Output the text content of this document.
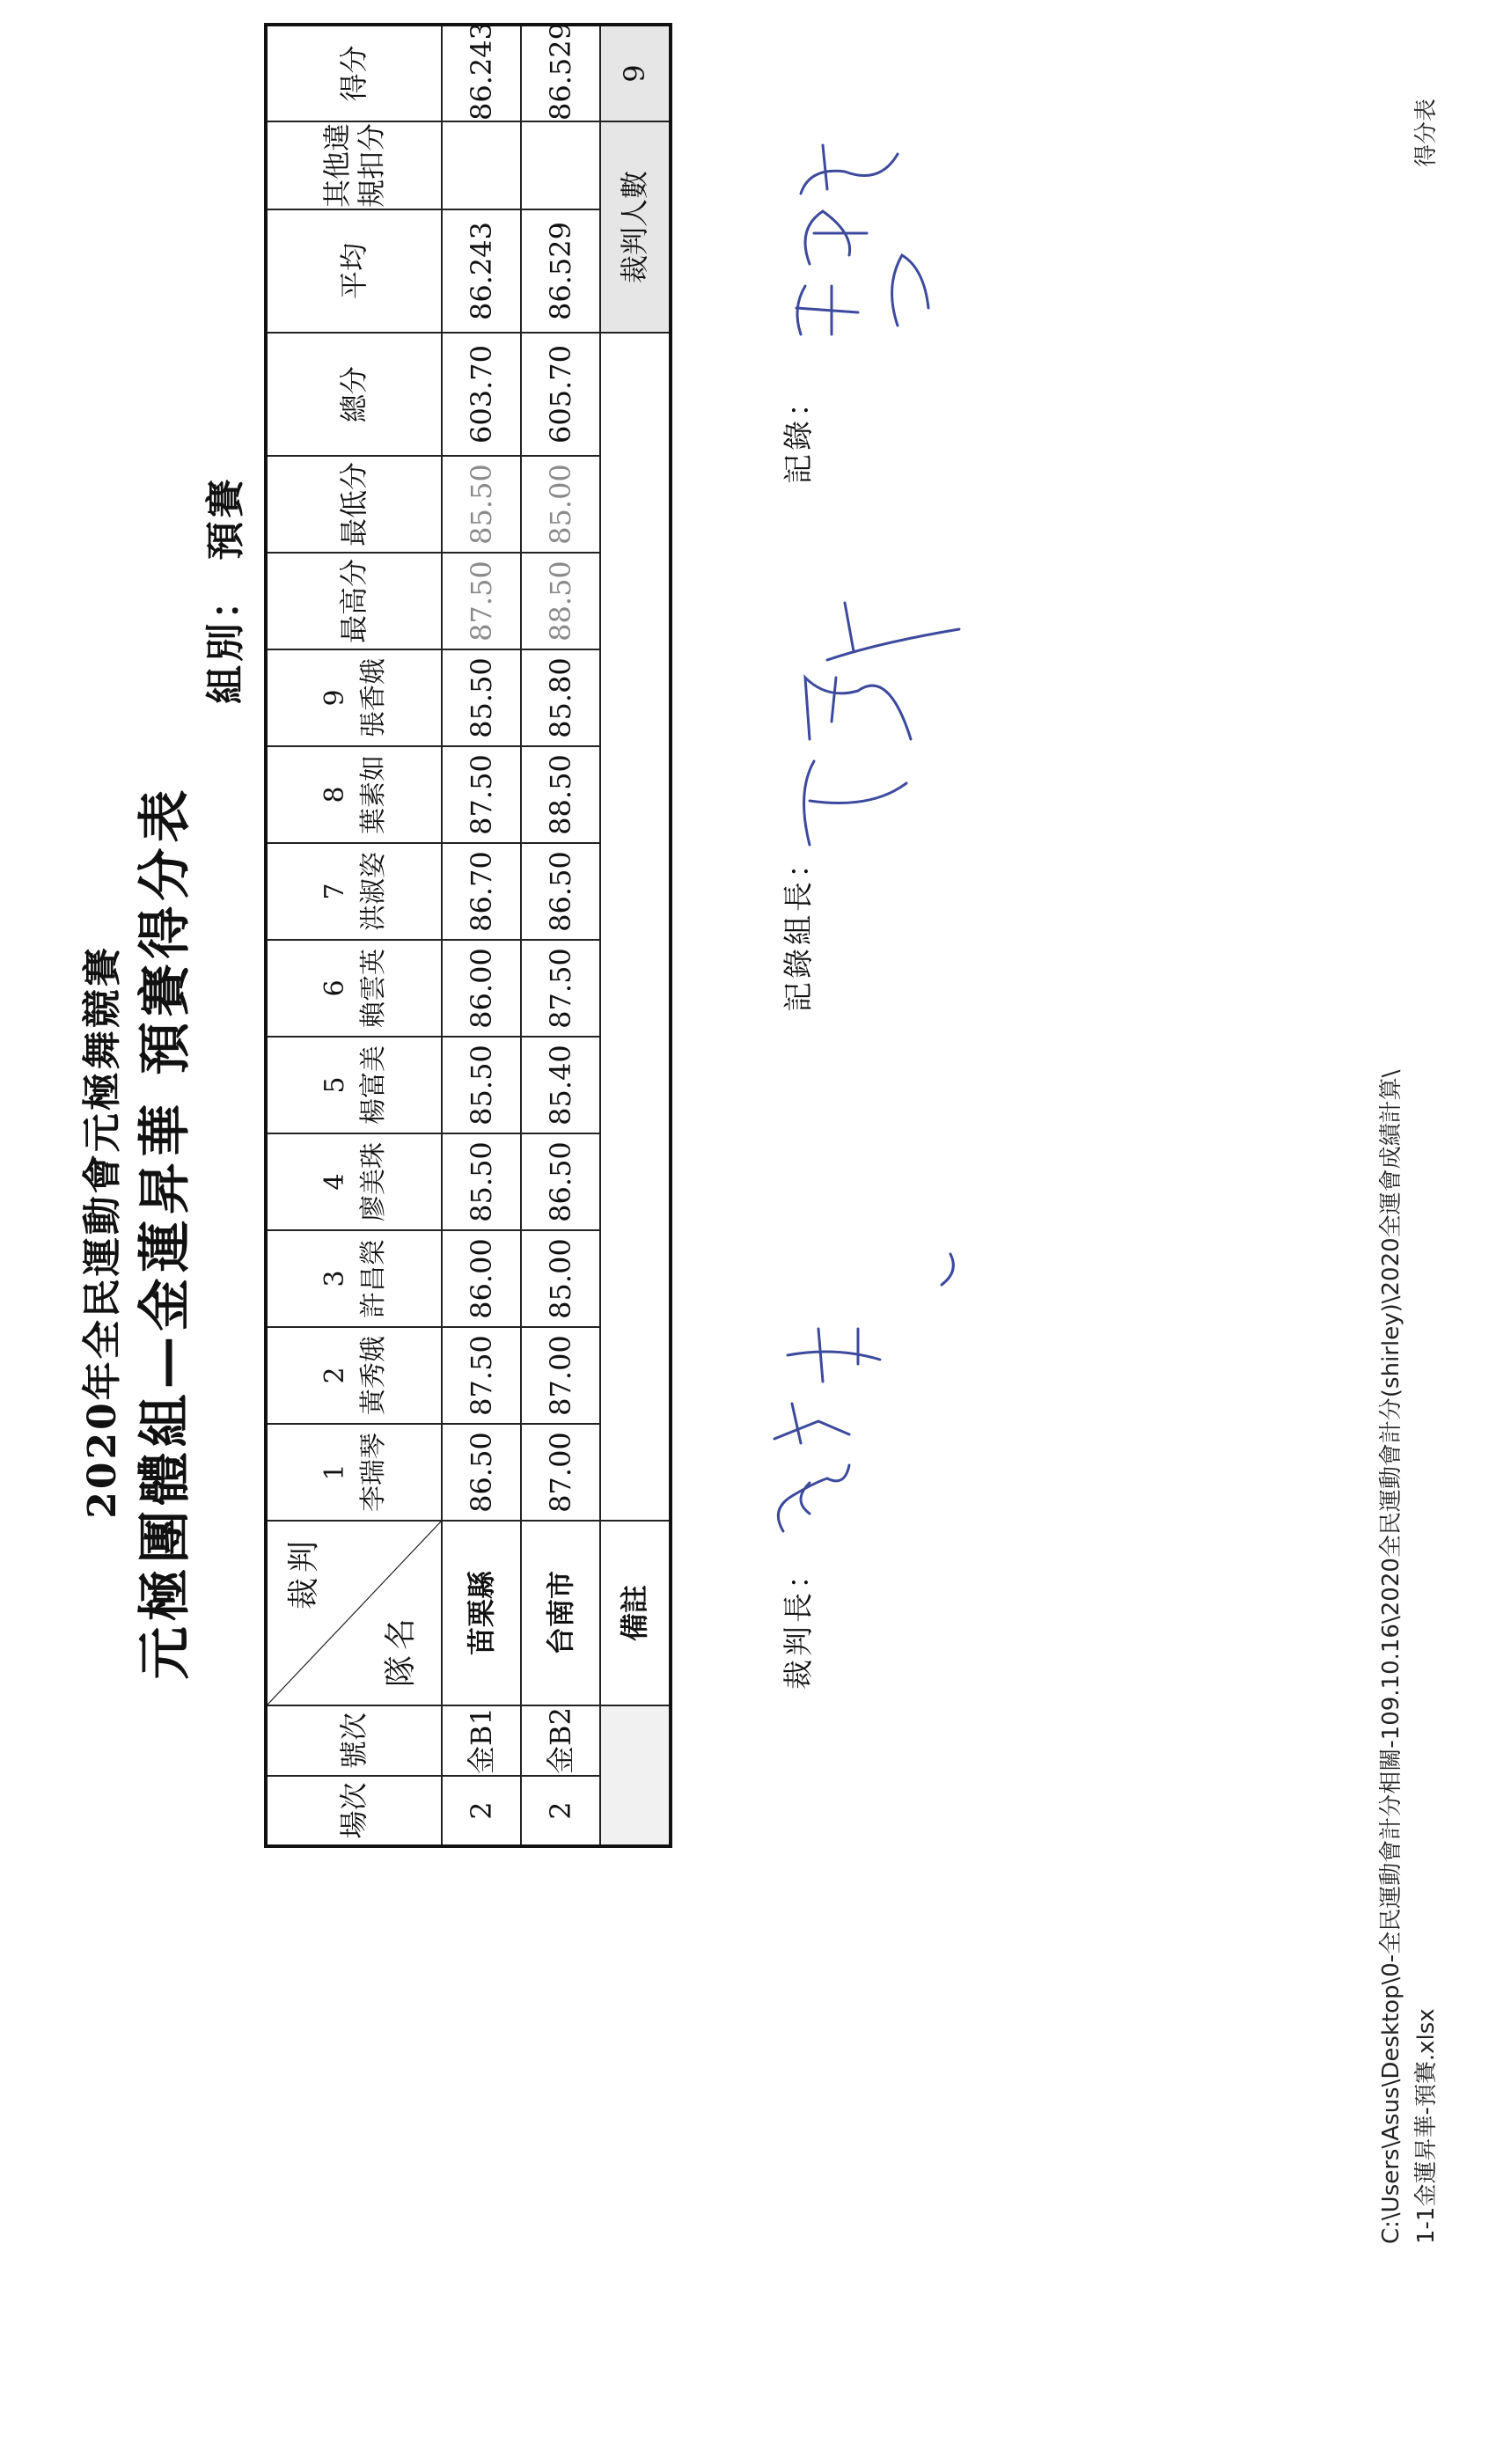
2020年全民運動會元極舞競賽 元極團體組—金蓮昇華 預賽得分表
組別： 預賽
場次	號次	裁判
隊名	1 李瑞琴	2 黃秀娥	3 許昌榮	4 廖美珠	5 楊富美	6 賴雲英	7 洪淑姿	8 葉素如	9 張香娥	最高分	最低分	總分	平均	其他違規扣分	得分
2	金B1	苗栗縣	86.50	87.50	86.00	85.50	85.50	86.00	86.70	87.50	85.50	87.50	85.50	603.70	86.243		86.243
2	金B2	台南市	87.00	87.00	85.00	86.50	85.40	87.50	86.50	88.50	85.80	88.50	85.00	605.70	86.529		86.529
		備註													裁判人數		9
裁判長：
記錄組長：
記錄：
C:\Users\Asus\Desktop\0-全民運動會計分相關-109.10.16\2020全民運動會計分(shirley)\2020全運會成績計算\ 1-1金蓮昇華-預賽.xlsx
得分表
